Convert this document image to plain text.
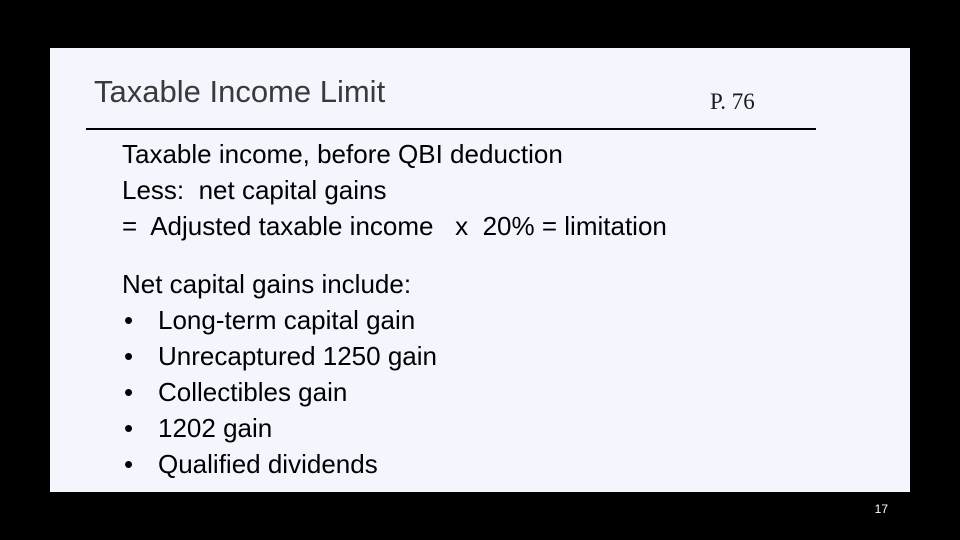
Taxable Income Limit	P. 76
Taxable income, before QBI deduction
Less:  net capital gains
=  Adjusted taxable income   x  20% = limitation
Net capital gains include:
• Long-term capital gain
• Unrecaptured 1250 gain
• Collectibles gain
• 1202 gain
• Qualified dividends
17
